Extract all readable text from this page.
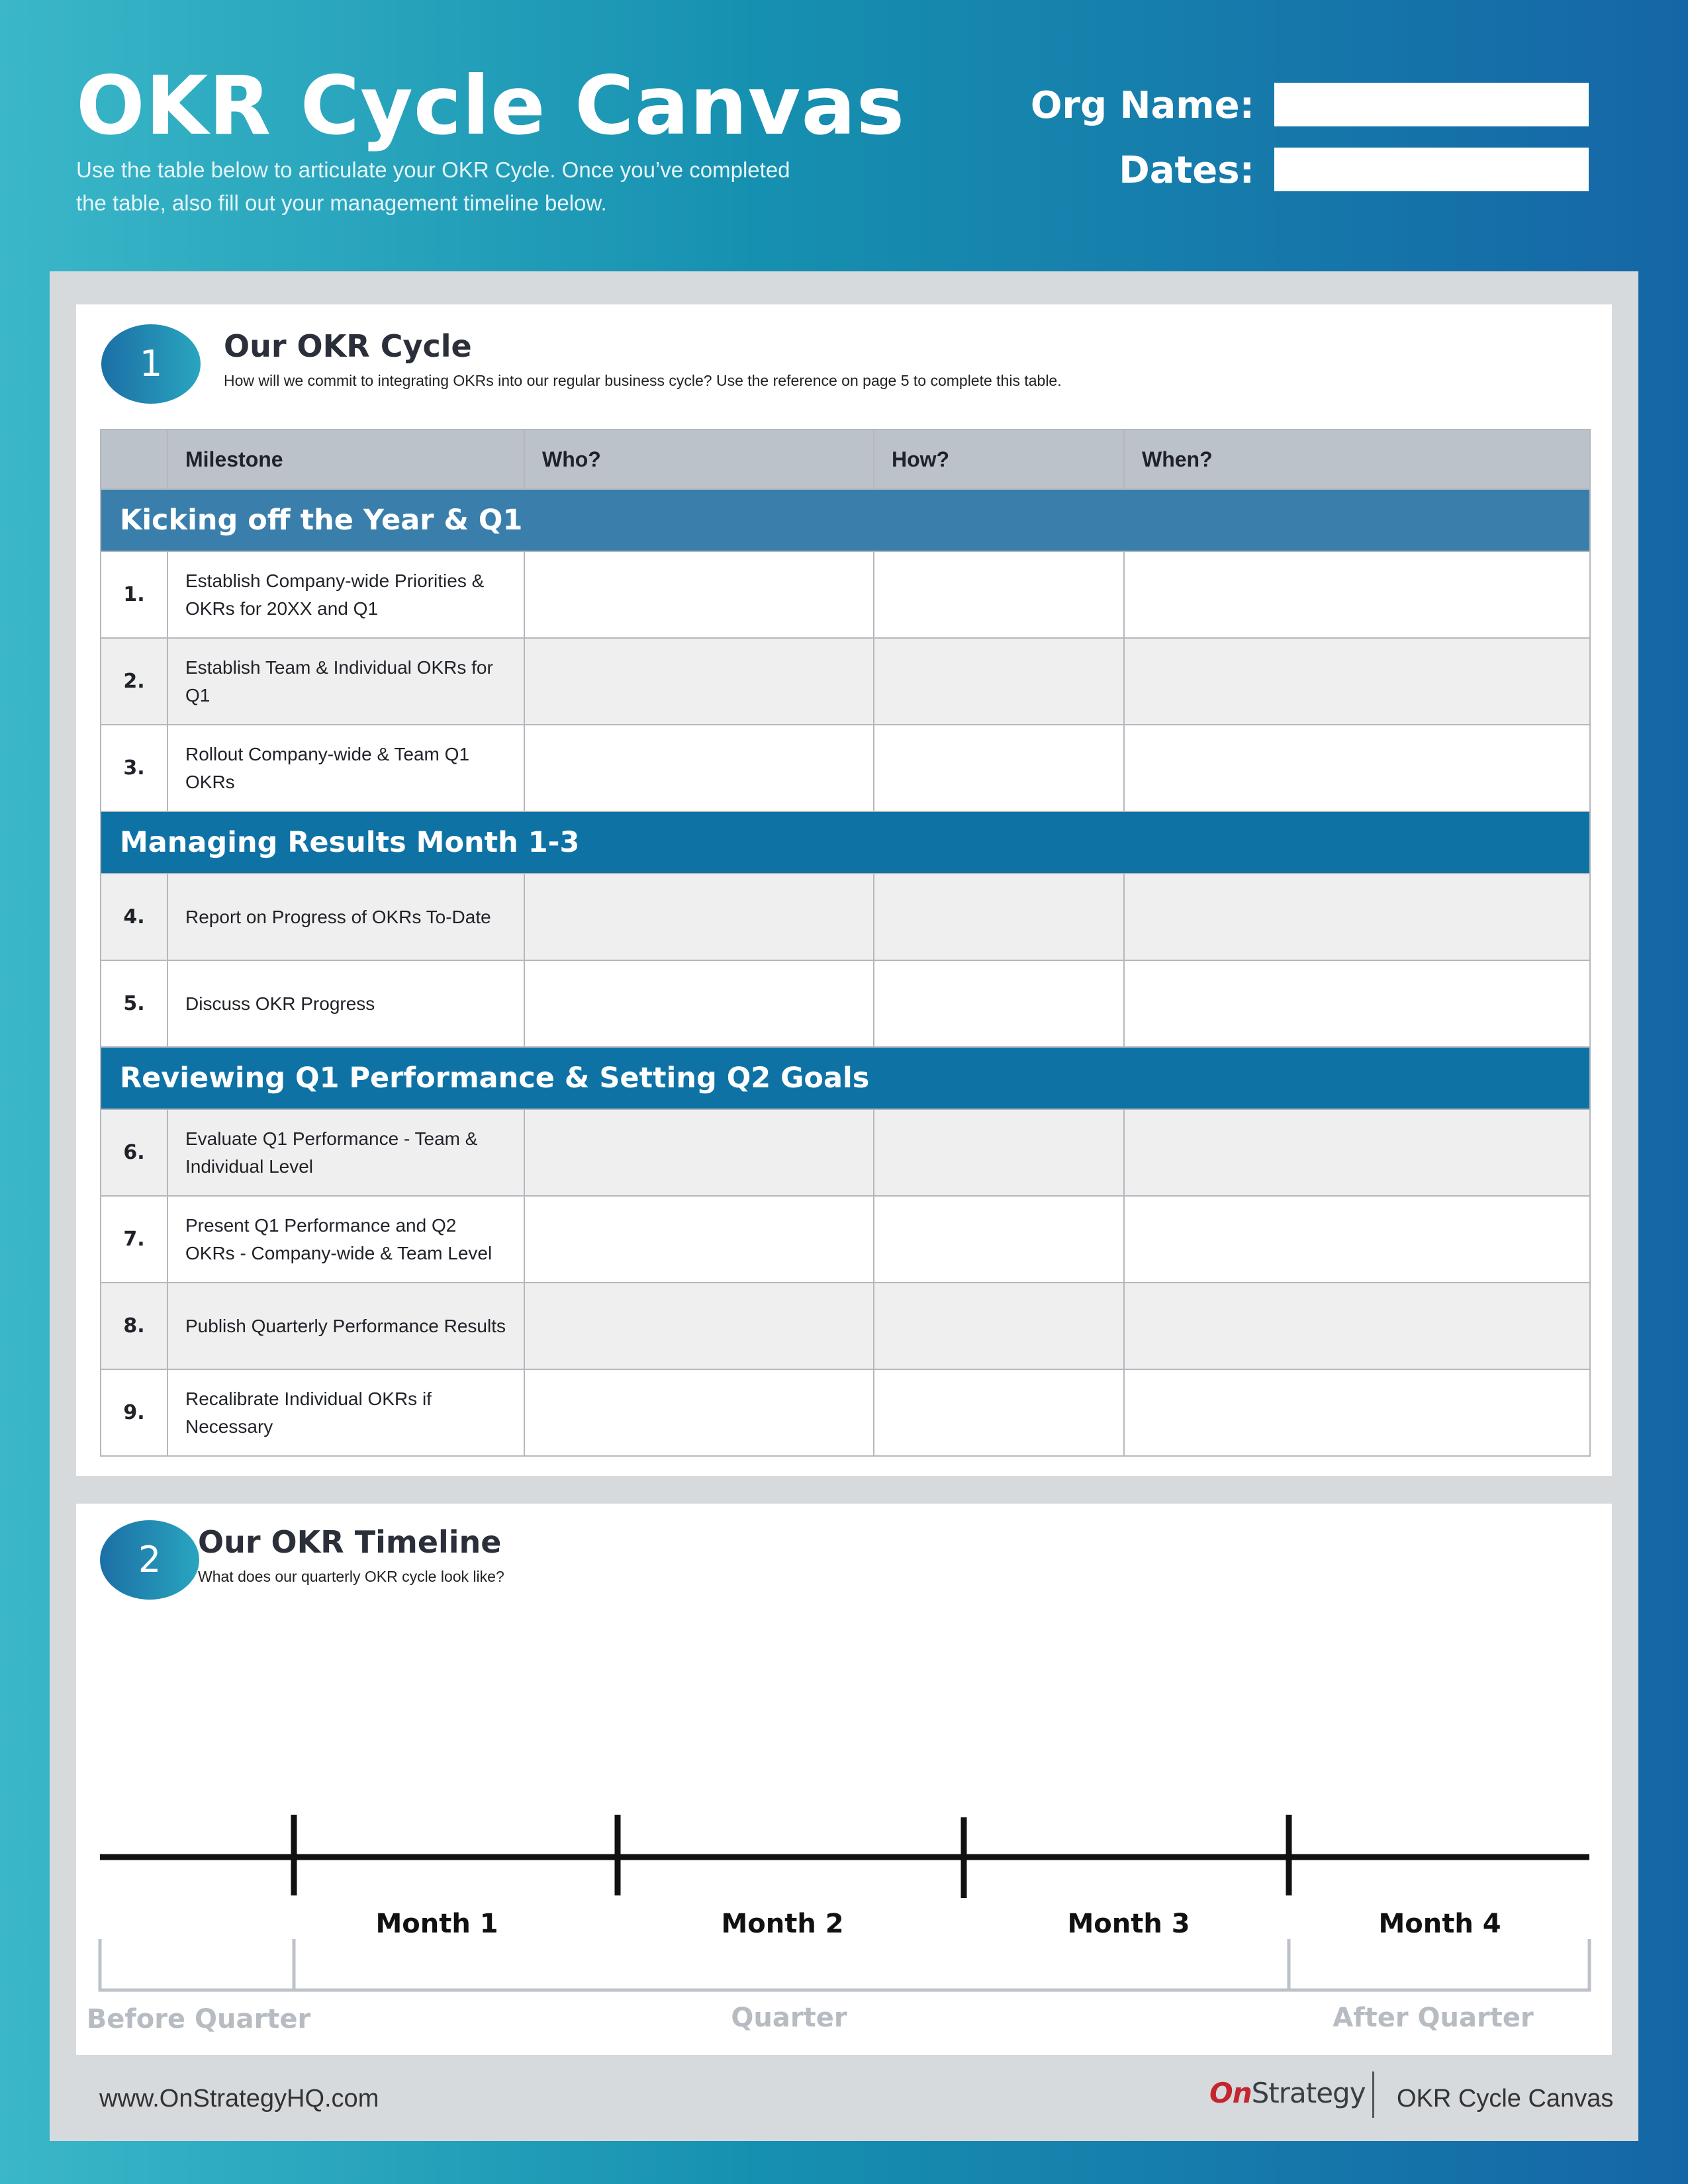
OKR Cycle Canvas
Use the table below to articulate your OKR Cycle. Once you’ve completed
the table, also fill out your management timeline below.
Org Name:
Dates:
1	Our OKR Cycle
How will we commit to integrating OKRs into our regular business cycle? Use the reference on page 5 to complete this table.
	Milestone	Who?	How?	When?
Kicking off the Year & Q1				
1.	Establish Company-wide Priorities & OKRs for 20XX and Q1			
2.	Establish Team & Individual OKRs for Q1			
3.	Rollout Company-wide & Team Q1 OKRs			
Managing Results Month 1-3				
4.	Report on Progress of OKRs To-Date			
5.	Discuss OKR Progress			
Reviewing Q1 Performance & Setting Q2 Goals				
6.	Evaluate Q1 Performance - Team & Individual Level			
7.	Present Q1 Performance and Q2 OKRs - Company-wide & Team Level			
8.	Publish Quarterly Performance Results			
9.	Recalibrate Individual OKRs if Necessary			
2	Our OKR Timeline
What does our quarterly OKR cycle look like?
Month 1	Month 2	Month 3	Month 4
Before Quarter	Quarter	After Quarter
www.OnStrategyHQ.com	OnStrategy OKR Cycle Canvas
